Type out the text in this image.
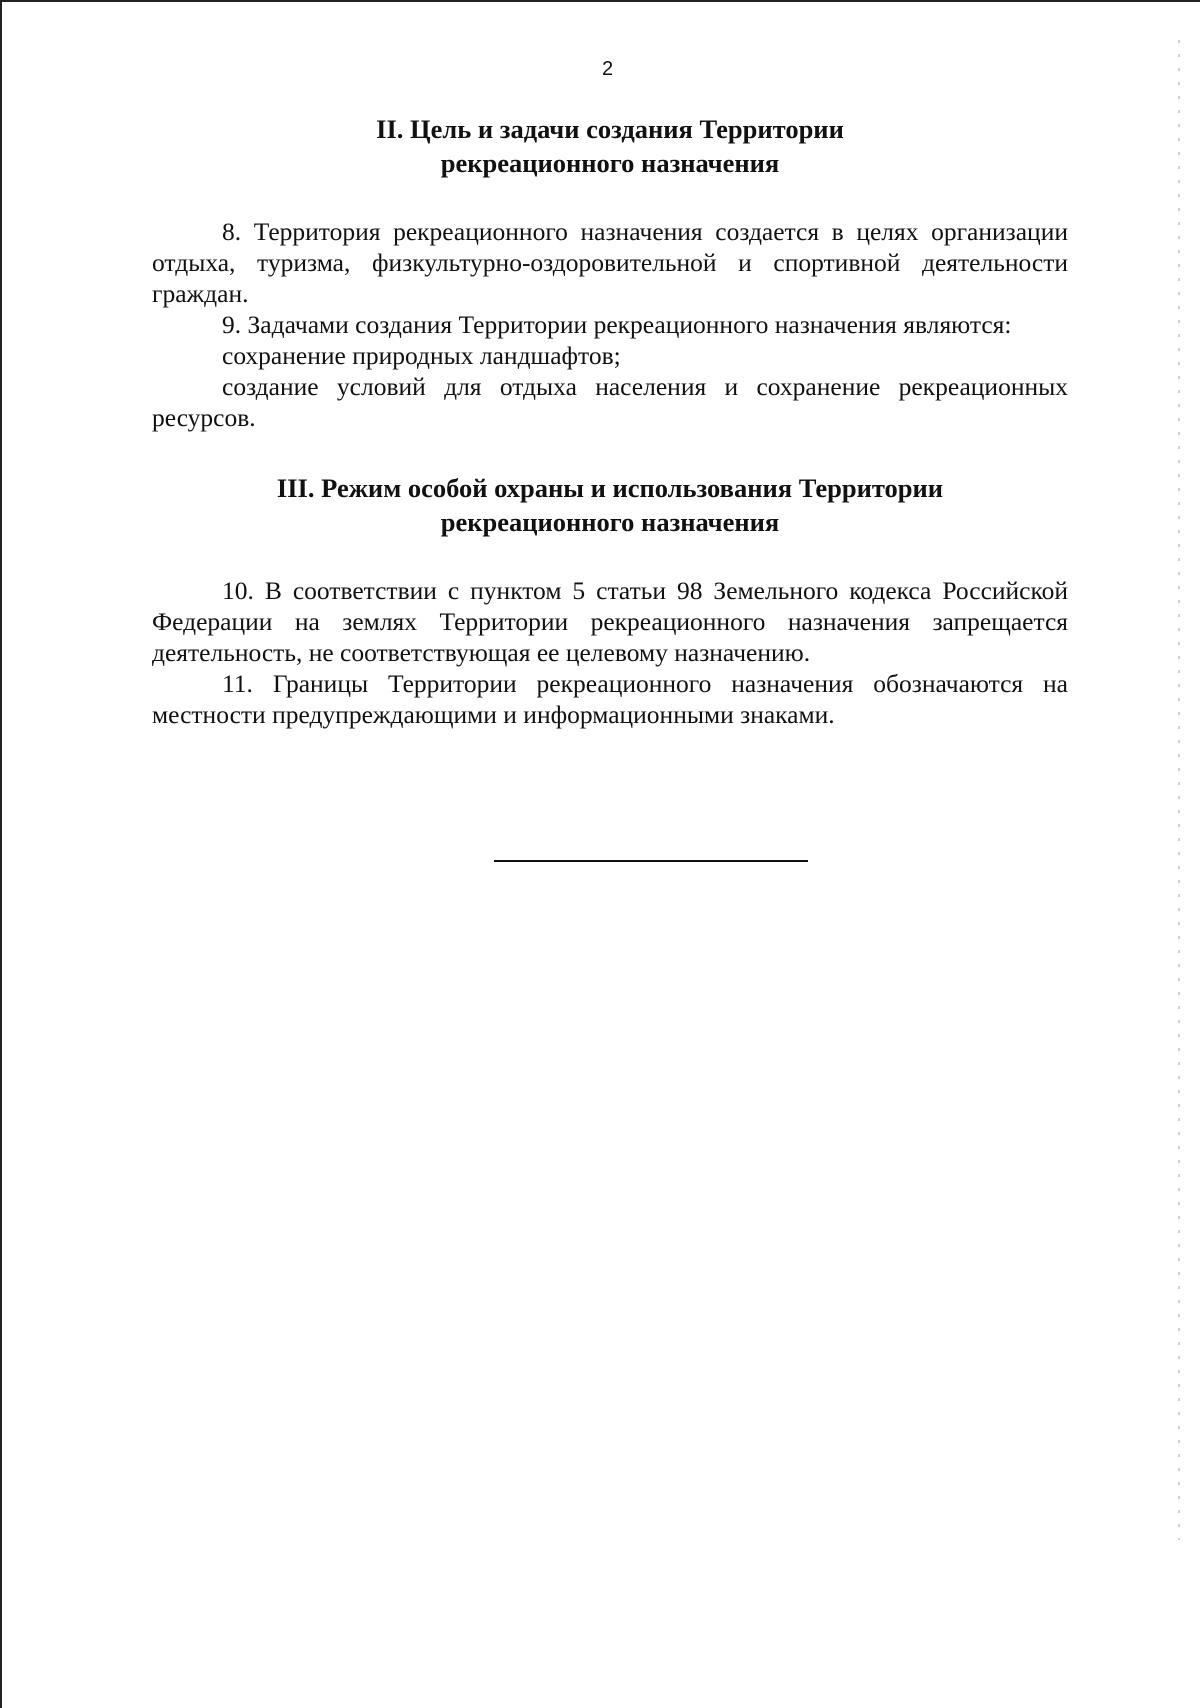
2
II. Цель и задачи создания Территории
рекреационного назначения

8. Территория рекреационного назначения создается в целях организации отдыха, туризма, физкультурно-оздоровительной и спортивной деятельности граждан.

9. Задачами создания Территории рекреационного назначения являются:

сохранение природных ландшафтов;

создание условий для отдыха населения и сохранение рекреационных ресурсов.

III. Режим особой охраны и использования Территории
рекреационного назначения

10. В соответствии с пунктом 5 статьи 98 Земельного кодекса Российской Федерации на землях Территории рекреационного назначения запрещается деятельность, не соответствующая ее целевому назначению.

11. Границы Территории рекреационного назначения обозначаются на местности предупреждающими и информационными знаками.
